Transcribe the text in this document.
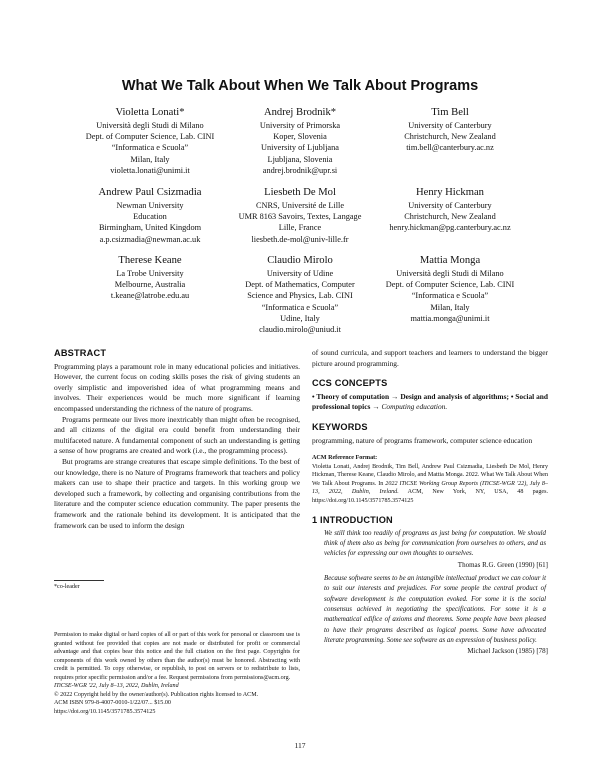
What We Talk About When We Talk About Programs
Violetta Lonati*
Università degli Studi di Milano
Dept. of Computer Science, Lab. CINI
“Informatica e Scuola”
Milan, Italy
violetta.lonati@unimi.it
Andrej Brodnik*
University of Primorska
Koper, Slovenia
University of Ljubljana
Ljubljana, Slovenia
andrej.brodnik@upr.si
Tim Bell
University of Canterbury
Christchurch, New Zealand
tim.bell@canterbury.ac.nz
Andrew Paul Csizmadia
Newman University
Education
Birmingham, United Kingdom
a.p.csizmadia@newman.ac.uk
Liesbeth De Mol
CNRS, Université de Lille
UMR 8163 Savoirs, Textes, Langage
Lille, France
liesbeth.de-mol@univ-lille.fr
Henry Hickman
University of Canterbury
Christchurch, New Zealand
henry.hickman@pg.canterbury.ac.nz
Therese Keane
La Trobe University
Melbourne, Australia
t.keane@latrobe.edu.au
Claudio Mirolo
University of Udine
Dept. of Mathematics, Computer
Science and Physics, Lab. CINI
“Informatica e Scuola”
Udine, Italy
claudio.mirolo@uniud.it
Mattia Monga
Università degli Studi di Milano
Dept. of Computer Science, Lab. CINI
“Informatica e Scuola”
Milan, Italy
mattia.monga@unimi.it
ABSTRACT

Programming plays a paramount role in many educational policies and initiatives. However, the current focus on coding skills poses the risk of giving students an overly simplistic and impoverished idea of what programming means and involves. Their experiences would be much more significant if learning encompassed understanding the richness of the nature of programs.

Programs permeate our lives more inextricably than might often be recognised, and all citizens of the digital era could benefit from understanding their multifaceted nature. A fundamental component of such an understanding is getting a sense of how programs are created and work (i.e., the programming process).

But programs are strange creatures that escape simple definitions. To the best of our knowledge, there is no Nature of Programs framework that teachers and policy makers can use to shape their practice and targets. In this working group we developed such a framework, by collecting and organising contributions from the literature and the computer science education community. The paper presents the framework and the rationale behind its development. It is anticipated that the framework can be used to inform the design

*co-leader
Permission to make digital or hard copies of all or part of this work for personal or classroom use is granted without fee provided that copies are not made or distributed for profit or commercial advantage and that copies bear this notice and the full citation on the first page. Copyrights for components of this work owned by others than the author(s) must be honored. Abstracting with credit is permitted. To copy otherwise, or republish, to post on servers or to redistribute to lists, requires prior specific permission and/or a fee. Request permissions from permissions@acm.org.
ITiCSE-WGR '22, July 8–13, 2022, Dublin, Ireland
© 2022 Copyright held by the owner/author(s). Publication rights licensed to ACM.
ACM ISBN 979-8-4007-0010-1/22/07... $15.00
https://doi.org/10.1145/3571785.3574125

of sound curricula, and support teachers and learners to understand the bigger picture around programming.

CCS CONCEPTS

• Theory of computation → Design and analysis of algorithms; • Social and professional topics → Computing education.

KEYWORDS

programming, nature of programs framework, computer science education

ACM Reference Format:
Violetta Lonati, Andrej Brodnik, Tim Bell, Andrew Paul Csizmadia, Liesbeth De Mol, Henry Hickman, Therese Keane, Claudio Mirolo, and Mattia Monga. 2022. What We Talk About When We Talk About Programs. In 2022 ITiCSE Working Group Reports (ITiCSE-WGR '22), July 8–13, 2022, Dublin, Ireland. ACM, New York, NY, USA, 48 pages. https://doi.org/10.1145/3571785.3574125
1 INTRODUCTION
We still think too readily of programs as just being for computation. We should think of them also as being for communication from ourselves to others, and as vehicles for expressing our own thoughts to ourselves.
Thomas R.G. Green (1990) [61]
Because software seems to be an intangible intellectual product we can colour it to suit our interests and prejudices. For some people the central product of software development is the computation evoked. For some it is the social consensus achieved in negotiating the specifications. For some it is a mathematical edifice of axioms and theorems. Some people have been pleased to have their programs described as logical poems. Some have advocated literate programming. Some see software as an expression of business policy.
Michael Jackson (1985) [78]
117
